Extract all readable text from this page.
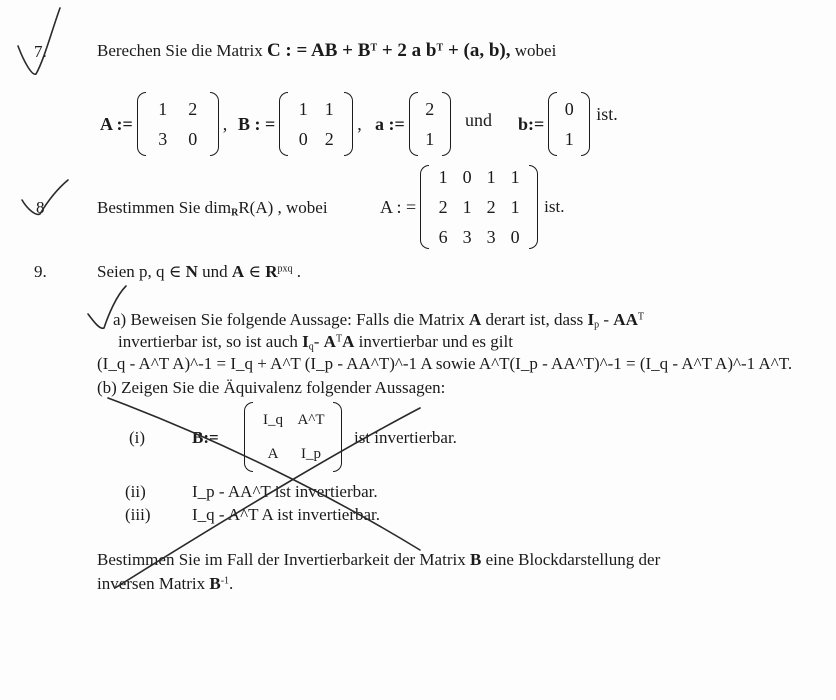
7.	Berechen Sie die Matrix C : = AB + $B^T + 2$ a $b^T + (a$, b), wobei
A :=
1	2
3	0
, B : =
1 1
0 2
, a :=
2
1
und b:=
0
1
ist.
8	Bestimmen Sie dim$_R$R(A) , wobei	A : =
1 0 1 1
2 1 2 1
6 3 3 0
ist.
9.	Seien p, q ∈ N und A ∈ $R^{pxq}$ .
a) Beweisen Sie folgende Aussage: Falls die Matrix A derart ist, dass $I_p - AA^T$
invertierbar ist, so ist auch $I_q-$ $A^TA$ invertierbar und es gilt
(I_q - A^T A)^-1 = I_q + A^T (I_p - AA^T)^-1 A sowie A^T(I_p - AA^T)^-1 = (I_q - A^T A)^-1 A^T.
(b) Zeigen Sie die Äquivalenz folgender Aussagen:
(i)	B:=
I_q A^T
A	I_p
ist invertierbar.
(ii)	I_p - AA^T ist invertierbar.
(iii) I_q - A^T A ist invertierbar.
Bestimmen Sie im Fall der Invertierbarkeit der Matrix B eine Blockdarstellung der
inversen Matrix $B^{-1}$.
